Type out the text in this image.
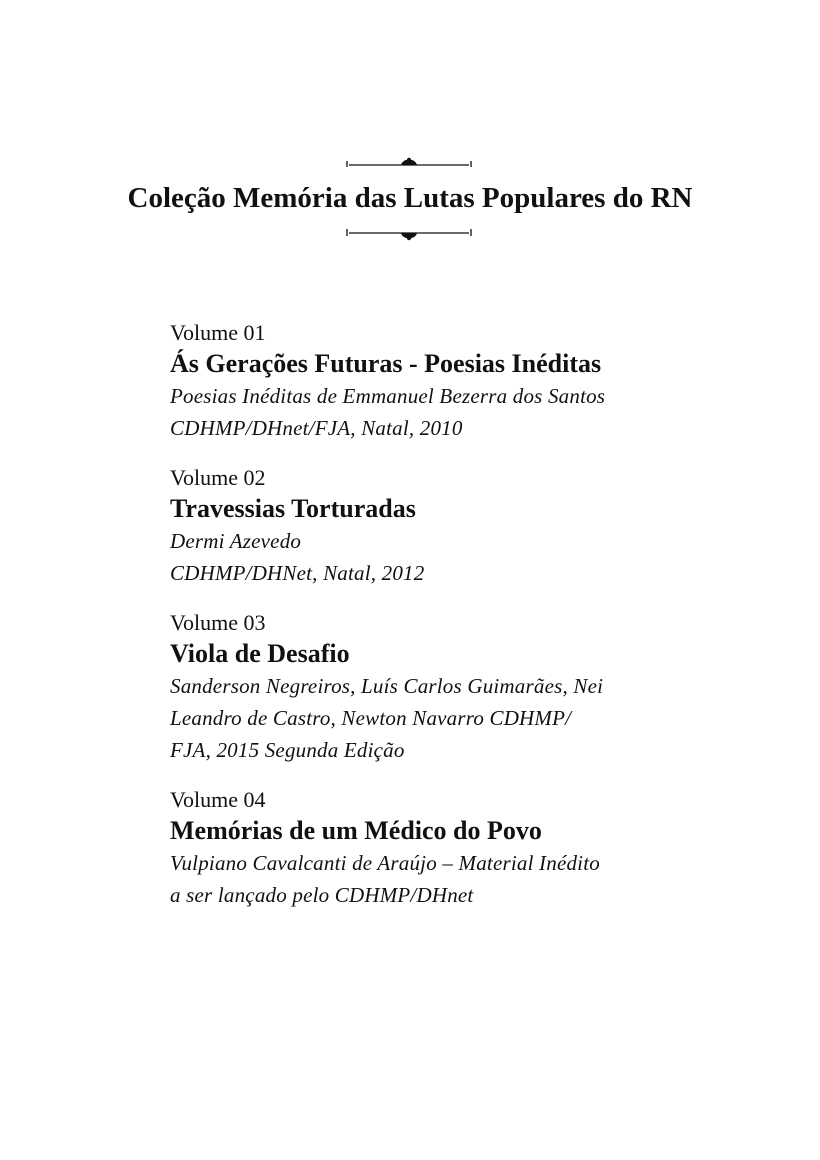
Coleção Memória das Lutas Populares do RN
Volume 01
Ás Gerações Futuras - Poesias Inéditas
Poesias Inéditas de Emmanuel Bezerra dos Santos
CDHMP/DHnet/FJA, Natal, 2010
Volume 02
Travessias Torturadas
Dermi Azevedo
CDHMP/DHNet, Natal, 2012
Volume 03
Viola de Desafio
Sanderson Negreiros, Luís Carlos Guimarães, Nei
Leandro de Castro, Newton Navarro CDHMP/
FJA, 2015 Segunda Edição
Volume 04
Memórias de um Médico do Povo
Vulpiano Cavalcanti de Araújo – Material Inédito
a ser lançado pelo CDHMP/DHnet
